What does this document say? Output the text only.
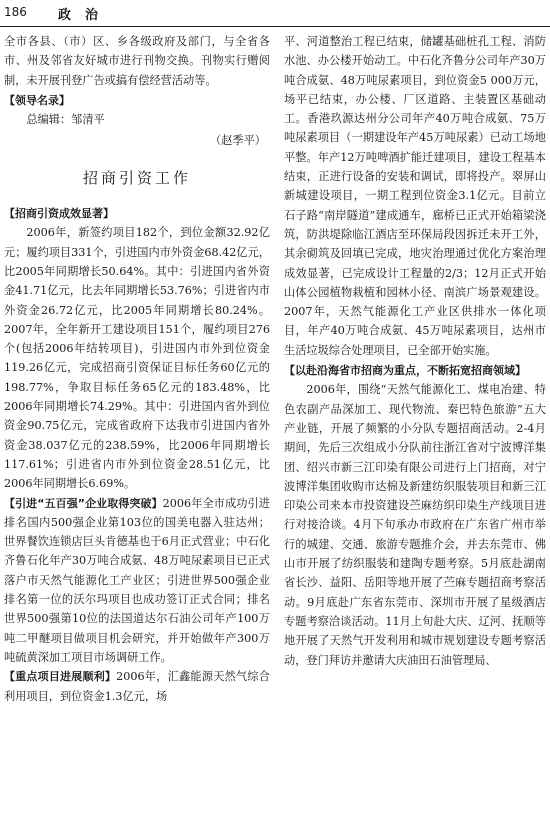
186 政治

全市各县、（市）区、乡各级政府及部门，与全省各市、州及邻省友好城市进行刊物交换。刊物实行赠阅制，未开展刊登广告或搞有偿经营活动等。

【领导名录】

总编辑：邹清平

（赵季平）

招商引资工作

【招商引资成效显著】

2006年，新签约项目182个，到位金额32.92亿元；履约项目331个，引进国内市外资金68.42亿元，比2005年同期增长50.64%。其中：引进国内省外资金41.71亿元，比去年同期增长53.76%；引进省内市外资金26.72亿元，比2005年同期增长80.24%。2007年，全年新开工建设项目151个，履约项目276个(包括2006年结转项目)，引进国内市外到位资金119.26亿元，完成招商引资保证目标任务60亿元的198.77%，争取目标任务65亿元的183.48%，比2006年同期增长74.29%。其中：引进国内省外到位资金90.75亿元，完成省政府下达我市引进国内省外资金38.037亿元的238.59%，比2006年同期增长117.61%；引进省内市外到位资金28.51亿元，比2006年同期增长6.69%。

【引进“五百强”企业取得突破】2006年全市成功引进排名国内500强企业第103位的国美电器入驻达州；世界餐饮连锁店巨头肯德基也于6月正式营业；中石化齐鲁石化年产30万吨合成氨、48万吨尿素项目已正式落户市天然气能源化工产业区；引进世界500强企业排名第一位的沃尔玛项目也成功签订正式合同；排名世界500强第10位的法国道达尔石油公司年产100万吨二甲醚项目做项目机会研究，并开始做年产300万吨硫黄深加工项目市场调研工作。

【重点项目进展顺利】2006年，汇鑫能源天然气综合利用项目，到位资金1.3亿元，场

平、河道整治工程已结束，储罐基础桩孔工程、消防水池、办公楼开始动工。中石化齐鲁分公司年产30万吨合成氨、48万吨尿素项目，到位资金5 000万元，场平已结束，办公楼、厂区道路、主装置区基础动工。香港玖源达州分公司年产40万吨合成氨、75万吨尿素项目（一期建设年产45万吨尿素）已动工场地平整。年产12万吨啤酒扩能迁建项目，建设工程基本结束，正进行设备的安装和调试，即将投产。翠屏山新城建设项目，一期工程到位资金3.1亿元。目前立石子路“南岸隧道”建成通车，廊桥已正式开始箱梁浇筑，防洪堤除临江酒店至环保局段因拆迁未开工外，其余砌筑及回填已完成，地灾治理通过优化方案治理成效显著，已完成设计工程量的2/3；12月正式开始山体公园植物栽植和园林小径、南滨广场景观建设。2007年，天然气能源化工产业区供排水一体化项目，年产40万吨合成氨、45万吨尿素项目，达州市生活垃圾综合处理项目，已全部开始实施。

【以赴沿海省市招商为重点，不断拓宽招商领域】

2006年，围绕“天然气能源化工、煤电冶建、特色农副产品深加工、现代物流、秦巴特色旅游”五大产业链，开展了频繁的小分队专题招商活动。2-4月期间，先后三次组成小分队前往浙江省对宁波博洋集团、绍兴市新三江印染有限公司进行上门招商，对宁波博洋集团收购市达棉及新建纺织服装项目和新三江印染公司来本市投资建设苎麻纺织印染生产线项目进行对接洽谈。4月下旬承办市政府在广东省广州市举行的城建、交通、旅游专题推介会，并去东莞市、佛山市开展了纺织服装和建陶专题考察。5月底赴湖南省长沙、益阳、岳阳等地开展了苎麻专题招商考察活动。9月底赴广东省东莞市、深圳市开展了星级酒店专题考察洽谈活动。11月上旬赴大庆、辽河、抚顺等地开展了天然气开发利用和城市规划建设专题考察活动，登门拜访并邀请大庆油田石油管理局、
